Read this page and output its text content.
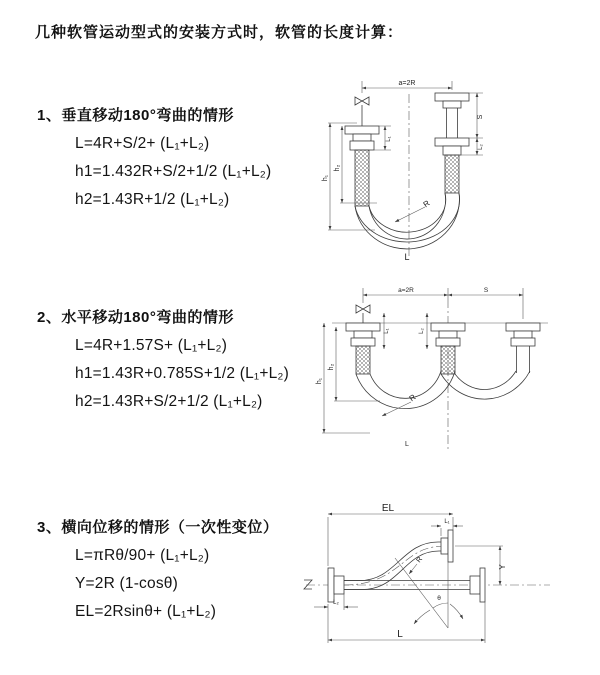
几种软管运动型式的安装方式时，软管的长度计算：
1、垂直移动180°弯曲的情形
L=4R+S/2+ (L₁+L₂)
h1=1.432R+S/2+1/2 (L₁+L₂)
h2=1.43R+1/2 (L₁+L₂)
a=2R
h₁
h₂
L₁
S
L₂
R
L
2、水平移动180°弯曲的情形
L=4R+1.57S+ (L₁+L₂)
h1=1.43R+0.785S+1/2 (L₁+L₂)
h2=1.43R+S/2+1/2 (L₁+L₂)
a=2R	S
h₁
h₂
L₁	L₂
R
L
3、横向位移的情形（一次性变位）
L=πRθ/90+ (L₁+L₂)
Y=2R (1-cosθ)
EL=2Rsinθ+ (L₁+L₂)
EL
L₁
Y
θ
R
L₂
L
